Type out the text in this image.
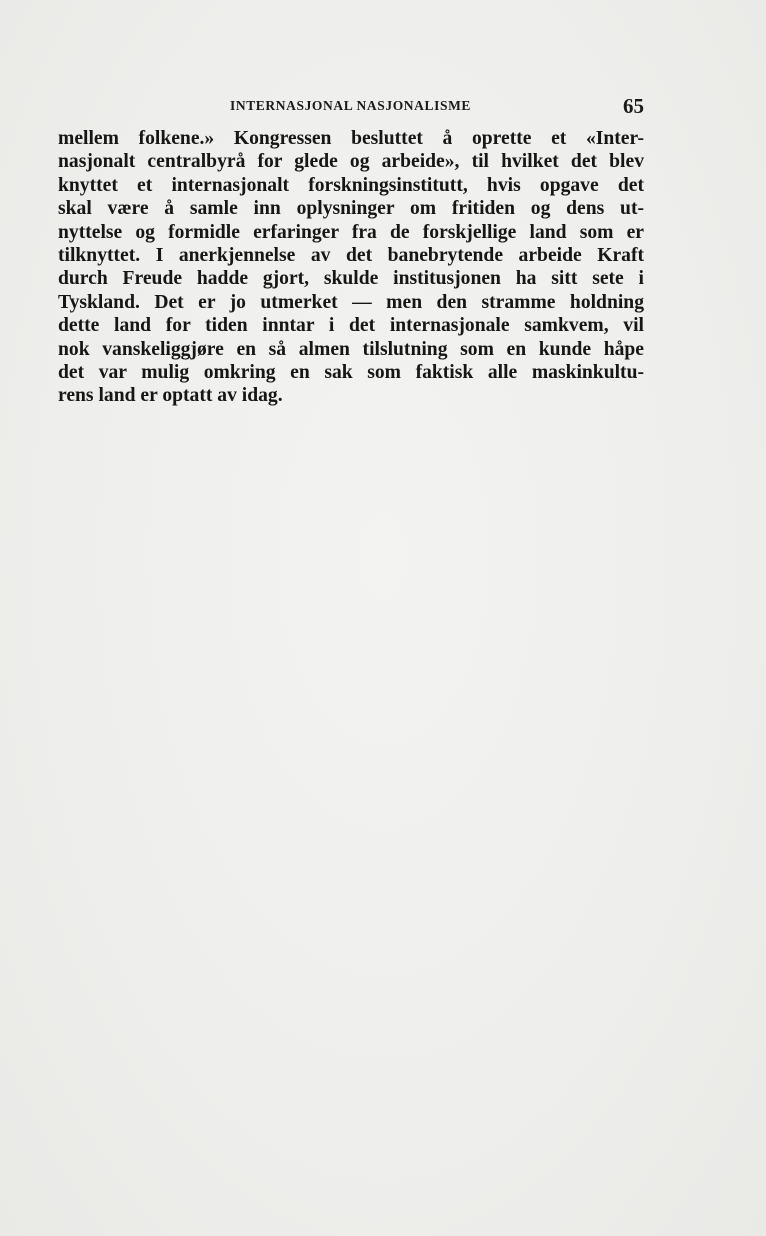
INTERNASJONAL NASJONALISME	65

mellem folkene.» Kongressen besluttet å oprette et «Inter-
nasjonalt centralbyrå for glede og arbeide», til hvilket det blev
knyttet et internasjonalt forskningsinstitutt, hvis opgave det
skal være å samle inn oplysninger om fritiden og dens ut-
nyttelse og formidle erfaringer fra de forskjellige land som er
tilknyttet. I anerkjennelse av det banebrytende arbeide Kraft
durch Freude hadde gjort, skulde institusjonen ha sitt sete i
Tyskland. Det er jo utmerket — men den stramme holdning
dette land for tiden inntar i det internasjonale samkvem, vil
nok vanskeliggjøre en så almen tilslutning som en kunde håpe
det var mulig omkring en sak som faktisk alle maskinkultu-
rens land er optatt av idag.
